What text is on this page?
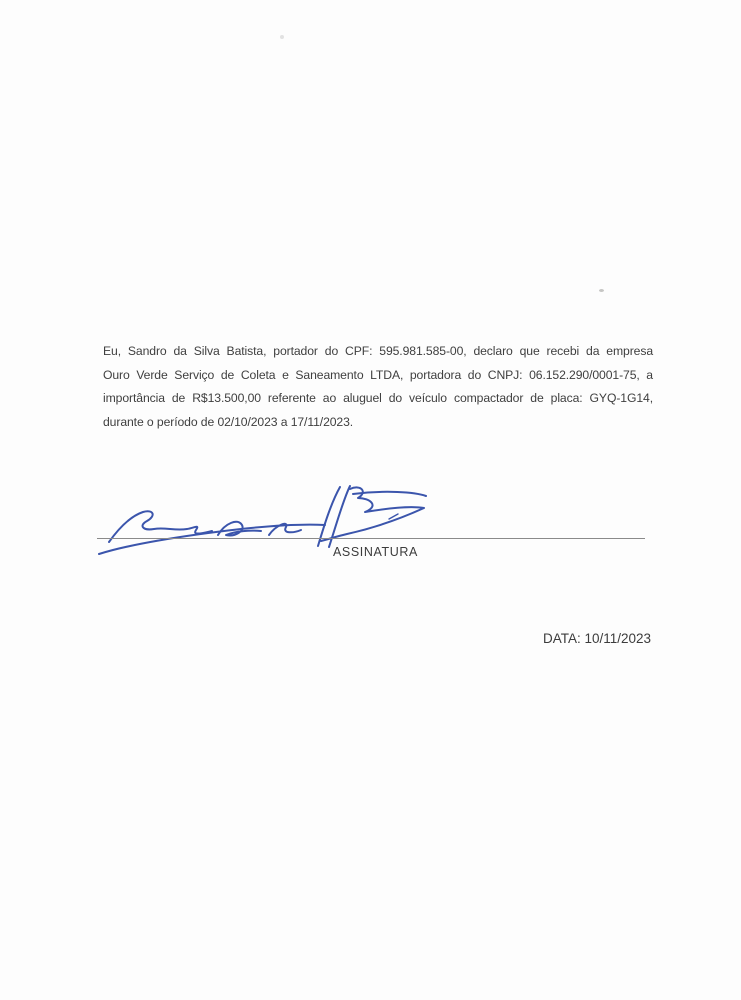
Eu, Sandro da Silva Batista, portador do CPF: 595.981.585-00, declaro que recebi da empresa
Ouro Verde Serviço de Coleta e Saneamento LTDA, portadora do CNPJ: 06.152.290/0001-75, a
importância de R$13.500,00 referente ao aluguel do veículo compactador de placa: GYQ-1G14,
durante o período de 02/10/2023 a 17/11/2023.
ASSINATURA
DATA: 10/11/2023
